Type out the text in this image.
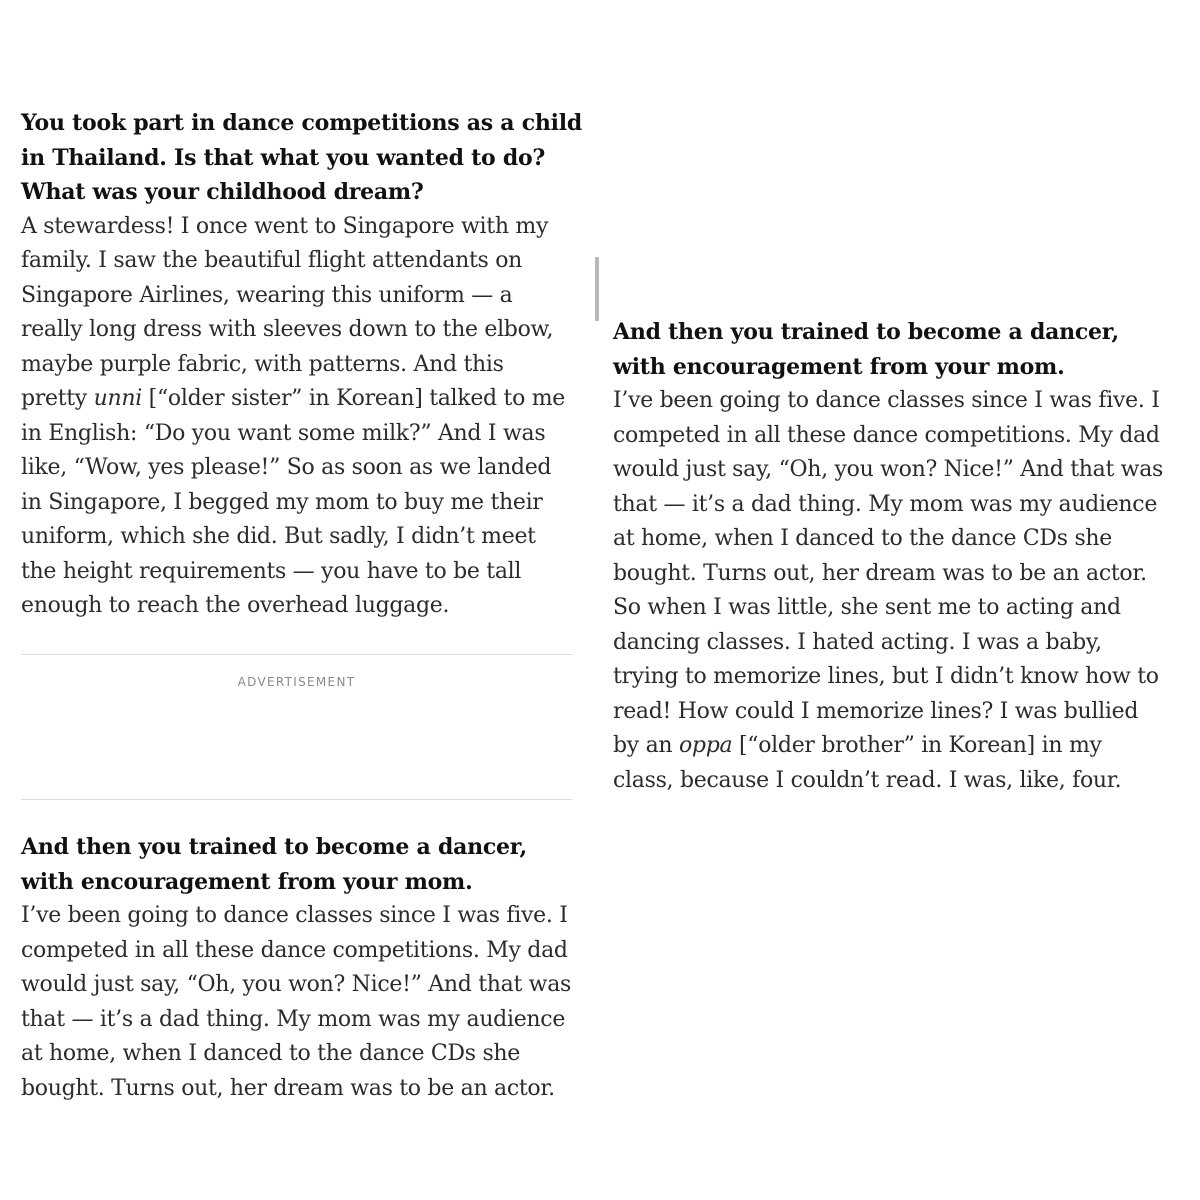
You took part in dance competitions as a child
in Thailand. Is that what you wanted to do?
What was your childhood dream?
A stewardess! I once went to Singapore with my
family. I saw the beautiful flight attendants on
Singapore Airlines, wearing this uniform — a
really long dress with sleeves down to the elbow,
maybe purple fabric, with patterns. And this
pretty unni [“older sister” in Korean] talked to me
in English: “Do you want some milk?” And I was
like, “Wow, yes please!” So as soon as we landed
in Singapore, I begged my mom to buy me their
uniform, which she did. But sadly, I didn’t meet
the height requirements — you have to be tall
enough to reach the overhead luggage.
And then you trained to become a dancer,
with encouragement from your mom.
I’ve been going to dance classes since I was five. I
competed in all these dance competitions. My dad
would just say, “Oh, you won? Nice!” And that was
that — it’s a dad thing. My mom was my audience
at home, when I danced to the dance CDs she
bought. Turns out, her dream was to be an actor.
ADVERTISEMENT
And then you trained to become a dancer,
with encouragement from your mom.
I’ve been going to dance classes since I was five. I
competed in all these dance competitions. My dad
would just say, “Oh, you won? Nice!” And that was
that — it’s a dad thing. My mom was my audience
at home, when I danced to the dance CDs she
bought. Turns out, her dream was to be an actor.
So when I was little, she sent me to acting and
dancing classes. I hated acting. I was a baby,
trying to memorize lines, but I didn’t know how to
read! How could I memorize lines? I was bullied
by an oppa [“older brother” in Korean] in my
class, because I couldn’t read. I was, like, four.
